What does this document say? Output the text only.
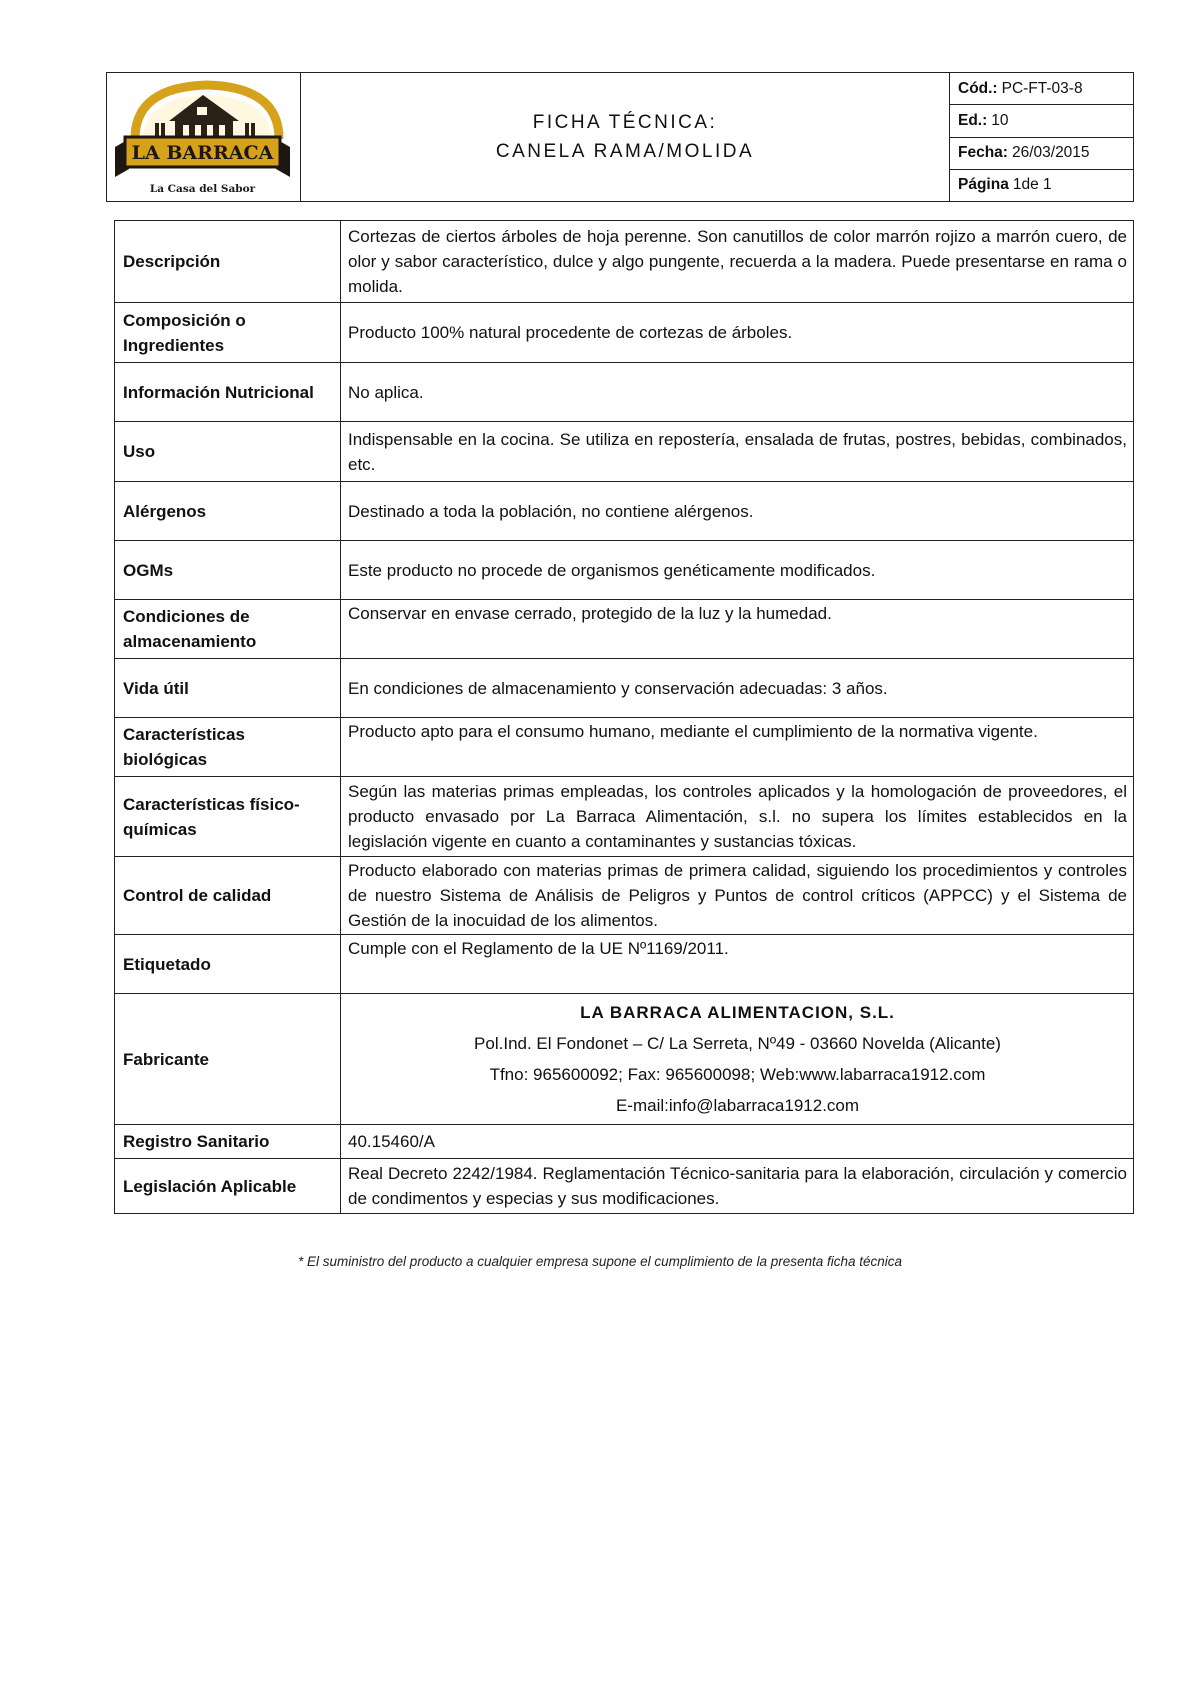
LA BARRACA
La Casa del Sabor
FICHA TÉCNICA:
CANELA RAMA/MOLIDA
Cód.: PC-FT-03-8
Ed.: 10
Fecha: 26/03/2015
Página 1de 1
Descripción	Cortezas de ciertos árboles de hoja perenne. Son canutillos de color marrón rojizo a marrón cuero, de olor y sabor característico, dulce y algo pungente, recuerda a la madera. Puede presentarse en rama o molida.
Composición o Ingredientes	Producto 100% natural procedente de cortezas de árboles.
Información Nutricional	No aplica.
Uso	Indispensable en la cocina. Se utiliza en repostería, ensalada de frutas, postres, bebidas, combinados, etc.
Alérgenos	Destinado a toda la población, no contiene alérgenos.
OGMs	Este producto no procede de organismos genéticamente modificados.
Condiciones de almacenamiento	Conservar en envase cerrado, protegido de la luz y la humedad.
Vida útil	En condiciones de almacenamiento y conservación adecuadas: 3 años.
Características biológicas	Producto apto para el consumo humano, mediante el cumplimiento de la normativa vigente.
Características físico-químicas	Según las materias primas empleadas, los controles aplicados y la homologación de proveedores, el producto envasado por La Barraca Alimentación, s.l. no supera los límites establecidos en la legislación vigente en cuanto a contaminantes y sustancias tóxicas.
Control de calidad	Producto elaborado con materias primas de primera calidad, siguiendo los procedimientos y controles de nuestro Sistema de Análisis de Peligros y Puntos de control críticos (APPCC) y el Sistema de Gestión de la inocuidad de los alimentos.
Etiquetado	Cumple con el Reglamento de la UE Nº1169/2011.
Fabricante	LA BARRACA ALIMENTACION, S.L.
Pol.Ind. El Fondonet – C/ La Serreta, Nº49 - 03660 Novelda (Alicante)
Tfno: 965600092; Fax: 965600098; Web:www.labarraca1912.com
E-mail:info@labarraca1912.com

Registro Sanitario	40.15460/A
Legislación Aplicable	Real Decreto 2242/1984. Reglamentación Técnico-sanitaria para la elaboración, circulación y comercio de condimentos y especias y sus modificaciones.
* El suministro del producto a cualquier empresa supone el cumplimiento de la presenta ficha técnica
